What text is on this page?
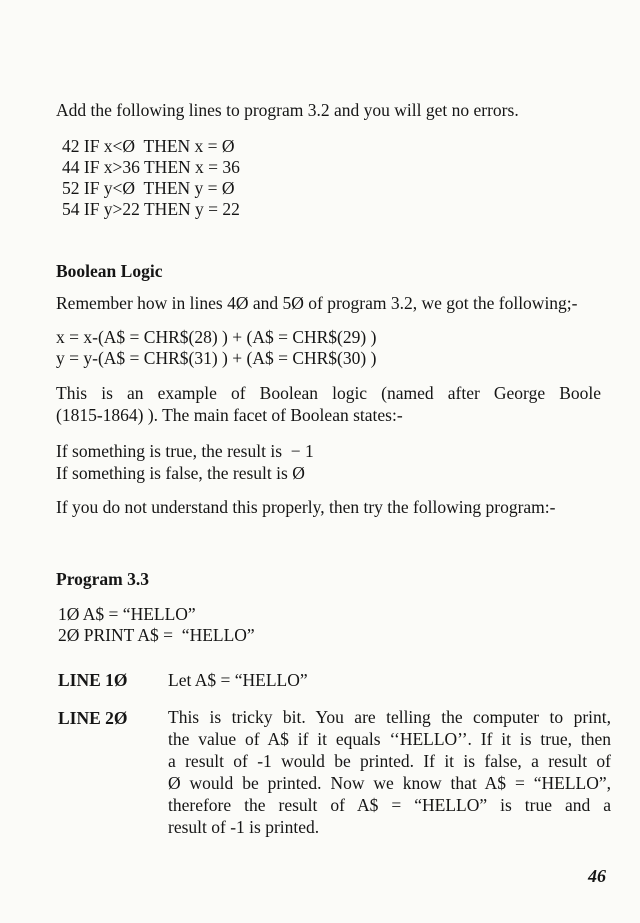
Add the following lines to program 3.2 and you will get no errors.
42 IF x<Ø  THEN x = Ø
44 IF x>36 THEN x = 36
52 IF y<Ø  THEN y = Ø
54 IF y>22 THEN y = 22
Boolean Logic
Remember how in lines 4Ø and 5Ø of program 3.2, we got the following;-
x = x-(A$ = CHR$(28) ) + (A$ = CHR$(29) )
y = y-(A$ = CHR$(31) ) + (A$ = CHR$(30) )
This is an example of Boolean logic (named after George Boole
(1815-1864) ). The main facet of Boolean states:-
If something is true, the result is  − 1
If something is false, the result is Ø
If you do not understand this properly, then try the following program:-
Program 3.3
1Ø A$ = “HELLO”
2Ø PRINT A$ =  “HELLO”
LINE 1Ø Let A$ = “HELLO”
LINE 2Ø This is tricky bit. You are telling the computer to print,
the value of A$ if it equals ‘‘HELLO’’. If it is true, then
a result of -1 would be printed. If it is false, a result of
Ø would be printed. Now we know that A$ = “HELLO”,
therefore the result of A$ = “HELLO” is true and a
result of -1 is printed.
46
